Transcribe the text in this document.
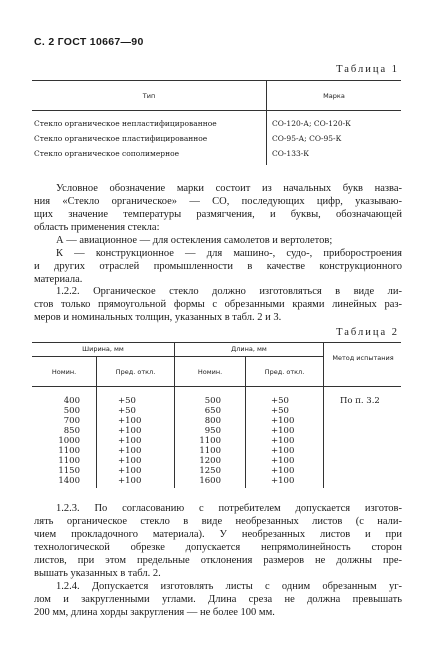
С. 2 ГОСТ 10667—90
Таблица 1
Тип	Марка
Стекло органическое непластифицированное	СО-120-А; СО-120-К
Стекло органическое пластифицированное	СО-95-А; СО-95-К
Стекло органическое сополимерное	СО-133-К
Условное обозначение марки состоит из начальных букв назва-
ния «Стекло органическое» — СО, последующих цифр, указываю-
щих значение температуры размягчения, и буквы, обозначающей
область применения стекла:
А — авиационное — для остекления самолетов и вертолетов;
К — конструкционное — для машино-, судо-, приборостроения
и других отраслей промышленности в качестве конструкционного
материала.
1.2.2. Органическое стекло должно изготовляться в виде ли-
стов только прямоугольной формы с обрезанными краями линейных раз-
меров и номинальных толщин, указанных в табл. 2 и 3.
Таблица 2
Ширина, мм	Длина, мм
Номин.	Пред. откл.	Номин.	Пред. откл.
Метод испытания
400	+50	500	+50	По п. 3.2
500	+50	650	+50
700	+100	800	+100
850	+100	950	+100
1000	+100	1100	+100
1100	+100	1100	+100
1100	+100	1200	+100
1150	+100	1250	+100
1400	+100	1600	+100
1.2.3. По согласованию с потребителем допускается изготов-
лять органическое стекло в виде необрезанных листов (с нали-
чием прокладочного материала). У необрезанных листов и при
технологической обрезке допускается непрямолинейность сторон
листов, при этом предельные отклонения размеров не должны пре-
вышать указанных в табл. 2.
1.2.4. Допускается изготовлять листы с одним обрезанным уг-
лом и закругленными углами. Длина среза не должна превышать
200 мм, длина хорды закругления — не более 100 мм.
